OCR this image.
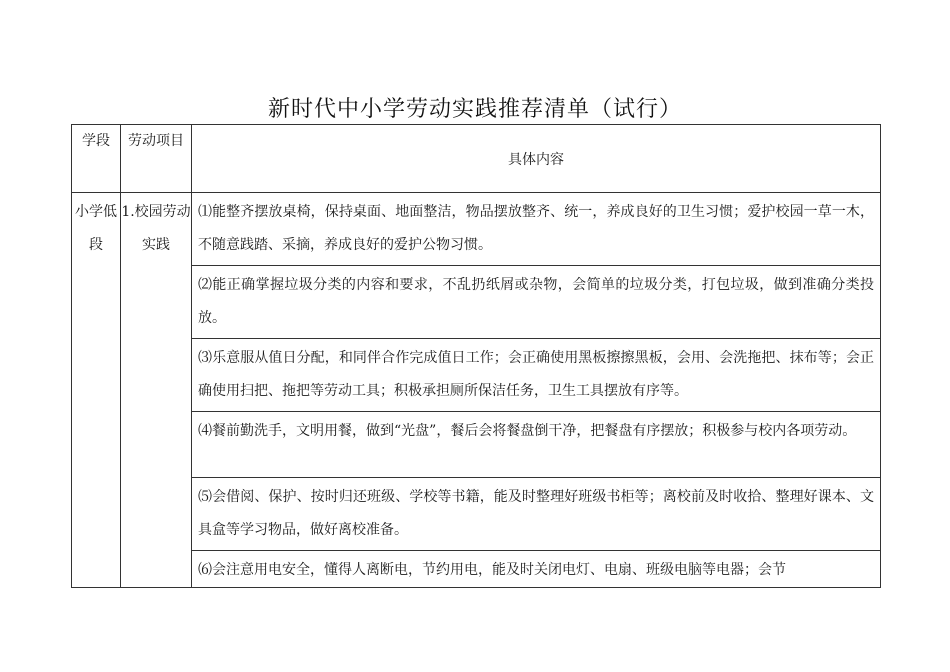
新时代中小学劳动实践推荐清单（试行）
学段	劳动项目	具体内容
小学低段	1.校园劳动实践	⑴能整齐摆放桌椅，保持桌面、地面整洁，物品摆放整齐、统一，养成良好的卫生习惯；爱护校园一草一木，不随意践踏、采摘，养成良好的爱护公物习惯。
		⑵能正确掌握垃圾分类的内容和要求，不乱扔纸屑或杂物，会简单的垃圾分类，打包垃圾，做到准确分类投放。
		⑶乐意服从值日分配，和同伴合作完成值日工作；会正确使用黑板擦擦黑板，会用、会洗拖把、抹布等；会正确使用扫把、拖把等劳动工具；积极承担厕所保洁任务，卫生工具摆放有序等。
		⑷餐前勤洗手，文明用餐，做到“光盘”，餐后会将餐盘倒干净，把餐盘有序摆放；积极参与校内各项劳动。
		⑸会借阅、保护、按时归还班级、学校等书籍，能及时整理好班级书柜等；离校前及时收拾、整理好课本、文具盒等学习物品，做好离校准备。
		⑹会注意用电安全，懂得人离断电，节约用电，能及时关闭电灯、电扇、班级电脑等电器；会节
